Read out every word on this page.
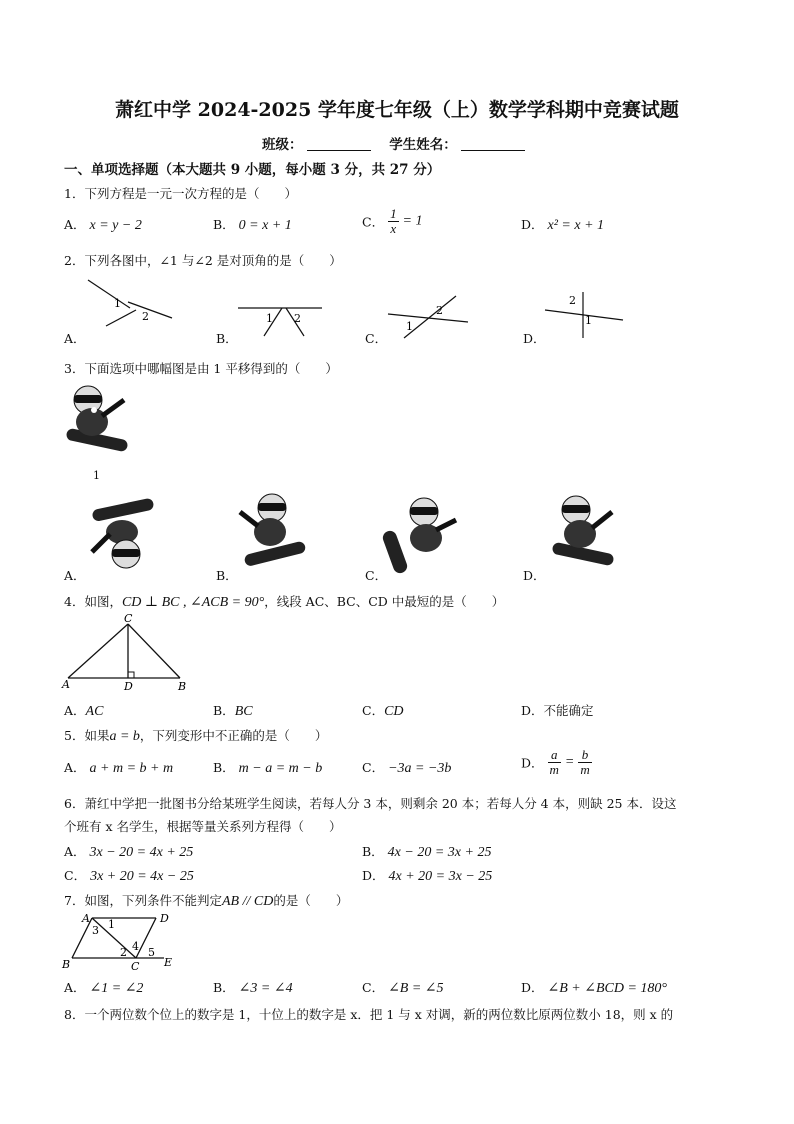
萧红中学 2024-2025 学年度七年级（上）数学学科期中竞赛试题
班级：	学生姓名：
一、单项选择题（本大题共 9 小题，每小题 3 分，共 27 分）
1．下列方程是一元一次方程的是（　　）
A． x = y − 2	B． 0 = x + 1	C． $\frac{1}{x} = 1$	D． x² = x + 1
2．下列各图中，∠1 与∠2 是对顶角的是（　　）
A．	B．	C．	D．
1
2	1 2
1
2
2
1
3．下面选项中哪幅图是由 1 平移得到的（　　）
1
A．	B．	C．	D．
4．如图，CD ⊥ BC , ∠ACB = 90°，线段 AC、BC、CD 中最短的是（　　）
C
A	D	B
A．AC	B．BC	C．CD	D．不能确定
5．如果a = b，下列变形中不正确的是（　　）
A． a + m = b + m	B． m − a = m − b	C． −3a = −3b	D． $\frac{a}{m} = \frac{b}{m}$
6．萧红中学把一批图书分给某班学生阅读，若每人分 3 本，则剩余 20 本；若每人分 4 本，则缺 25 本．设这
个班有 x 名学生，根据等量关系列方程得（　　）
A． 3x − 20 = 4x + 25	B． 4x − 20 = 3x + 25
C． 3x + 20 = 4x − 25	D． 4x + 20 = 3x − 25
7．如图，下列条件不能判定AB // CD的是（　　）
A	D
B	C E
1
3
2 4 5
A． ∠1 = ∠2	B． ∠3 = ∠4	C． ∠B = ∠5	D． ∠B + ∠BCD = 180°
8．一个两位数个位上的数字是 1，十位上的数字是 x．把 1 与 x 对调，新的两位数比原两位数小 18，则 x 的
